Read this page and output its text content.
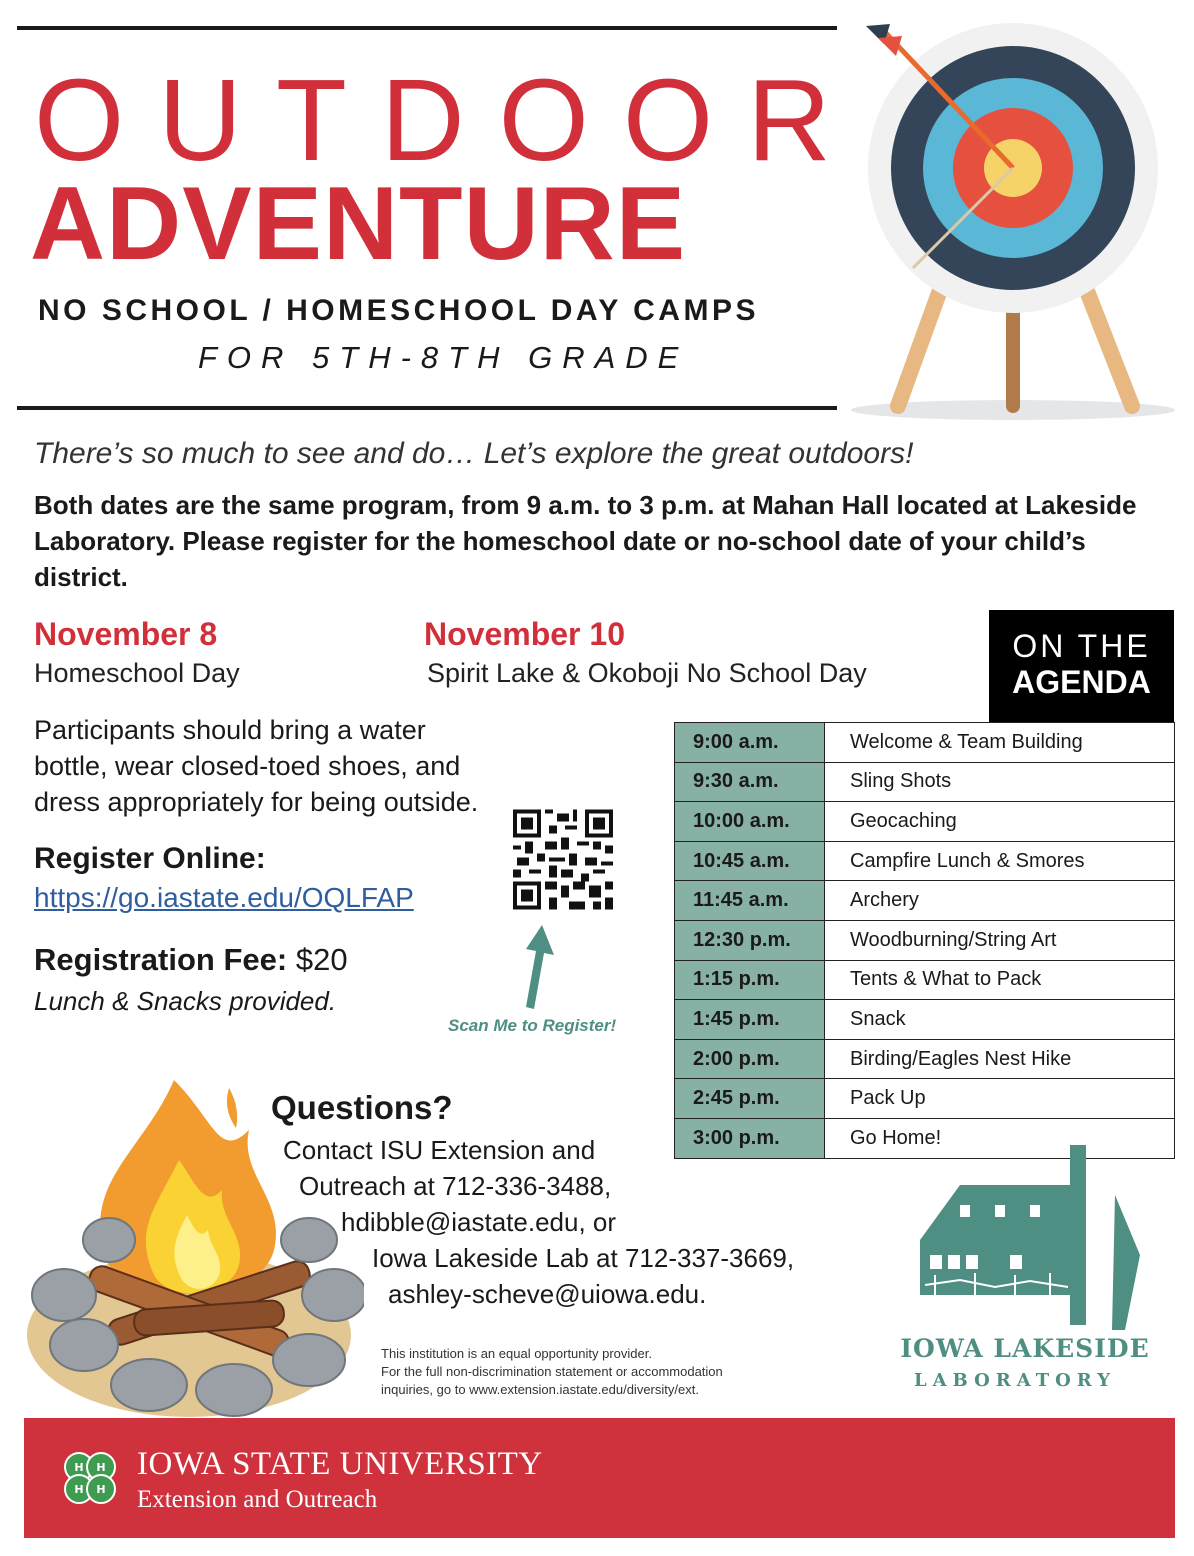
OUTDOOR
ADVENTURE
NO SCHOOL / HOMESCHOOL DAY CAMPS
FOR 5TH-8TH GRADE
There’s so much to see and do… Let’s explore the great outdoors!
Both dates are the same program, from 9 a.m. to 3 p.m. at Mahan Hall located at Lakeside Laboratory. Please register for the homeschool date or no-school date of your child’s district.
November 8
Homeschool Day
November 10
Spirit Lake & Okoboji No School Day
Participants should bring a water bottle, wear closed-toed shoes, and dress appropriately for being outside.
Register Online:
https://go.iastate.edu/OQLFAP
Registration Fee: $20
Lunch & Snacks provided.
Scan Me to Register!
ON THE
AGENDA
9:00 a.m.	Welcome & Team Building
9:30 a.m.	Sling Shots
10:00 a.m.	Geocaching
10:45 a.m.	Campfire Lunch & Smores
11:45 a.m.	Archery
12:30 p.m.	Woodburning/String Art
1:15 p.m.	Tents & What to Pack
1:45 p.m.	Snack
2:00 p.m.	Birding/Eagles Nest Hike
2:45 p.m.	Pack Up
3:00 p.m.	Go Home!
Questions?
Contact ISU Extension and
Outreach at 712-336-3488,
hdibble@iastate.edu, or
Iowa Lakeside Lab at 712-337-3669,
ashley-scheve@uiowa.edu.
This institution is an equal opportunity provider.
For the full non-discrimination statement or accommodation
inquiries, go to www.extension.iastate.edu/diversity/ext.
IOWA LAKESIDE
LABORATORY
H H
H H
IOWA STATE UNIVERSITY
Extension and Outreach
